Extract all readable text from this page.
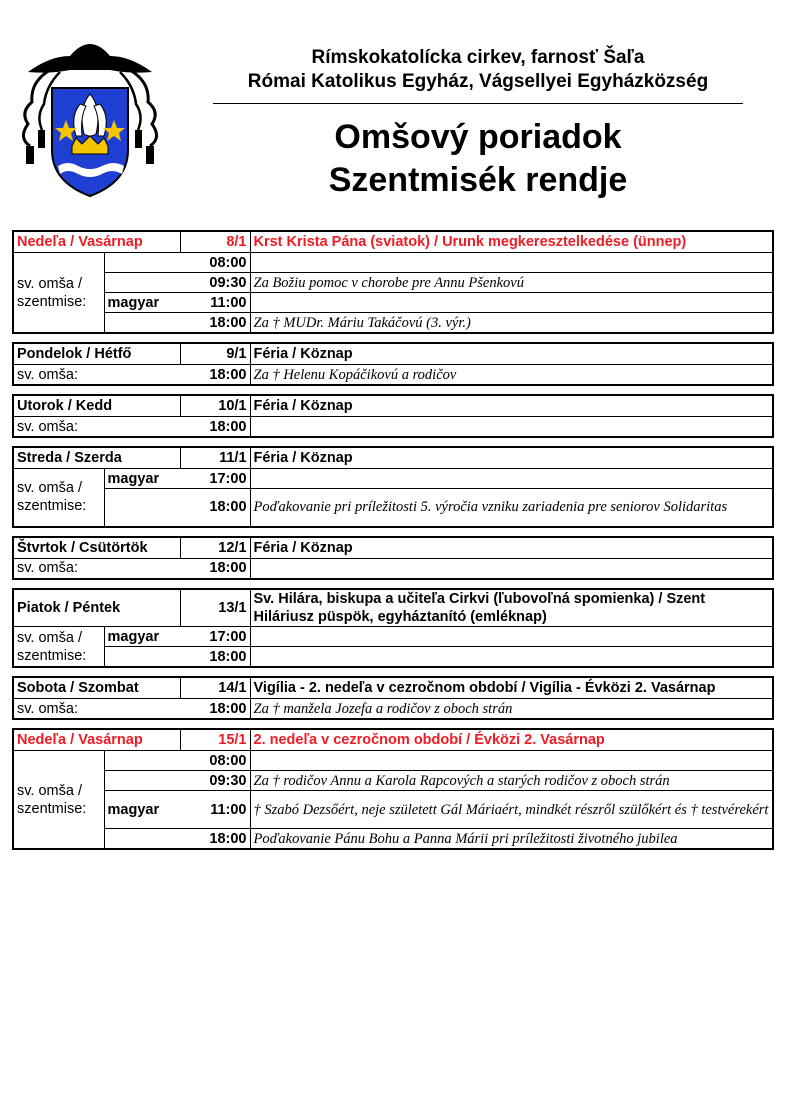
Rímskokatolícka cirkev, farnosť Šaľa
Római Katolikus Egyház, Vágsellyei Egyházközség
Omšový poriadok
Szentmisék rendje
Nedeľa / Vasárnap		8/1	Krst Krista Pána (sviatok) / Urunk megkeresztelkedése (ünnep)
sv. omša / szentmise:		08:00	
		09:30	Za Božiu pomoc v chorobe pre Annu Pšenkovú
	magyar	11:00	
		18:00	Za † MUDr. Máriu Takáčovú (3. výr.)
Pondelok / Hétfő		9/1	Féria / Köznap
sv. omša:		18:00	Za † Helenu Kopáčikovú a rodičov
Utorok / Kedd		10/1	Féria / Köznap
sv. omša:		18:00	
Streda / Szerda		11/1	Féria / Köznap
sv. omša / szentmise:	magyar	17:00	
		18:00	Poďakovanie pri príležitosti 5. výročia vzniku zariadenia pre seniorov Solidaritas
Štvrtok / Csütörtök		12/1	Féria / Köznap
sv. omša:		18:00	
Piatok / Péntek		13/1	Sv. Hilára, biskupa a učiteľa Cirkvi (ľubovoľná spomienka) / Szent Hiláriusz püspök, egyháztanító (emléknap)
sv. omša / szentmise:	magyar	17:00	
		18:00	
Sobota / Szombat		14/1	Vigília - 2. nedeľa v cezročnom období / Vigília - Évközi 2. Vasárnap
sv. omša:		18:00	Za † manžela Jozefa a rodičov z oboch strán
Nedeľa / Vasárnap		15/1	2. nedeľa v cezročnom období / Évközi 2. Vasárnap
sv. omša / szentmise:		08:00	
		09:30	Za † rodičov Annu a Karola Rapcových a starých rodičov z oboch strán
	magyar	11:00	† Szabó Dezsőért, neje született Gál Máriaért, mindkét részről szülőkért és † testvérekért
		18:00	Poďakovanie Pánu Bohu a Panna Márii pri príležitosti životného jubilea
